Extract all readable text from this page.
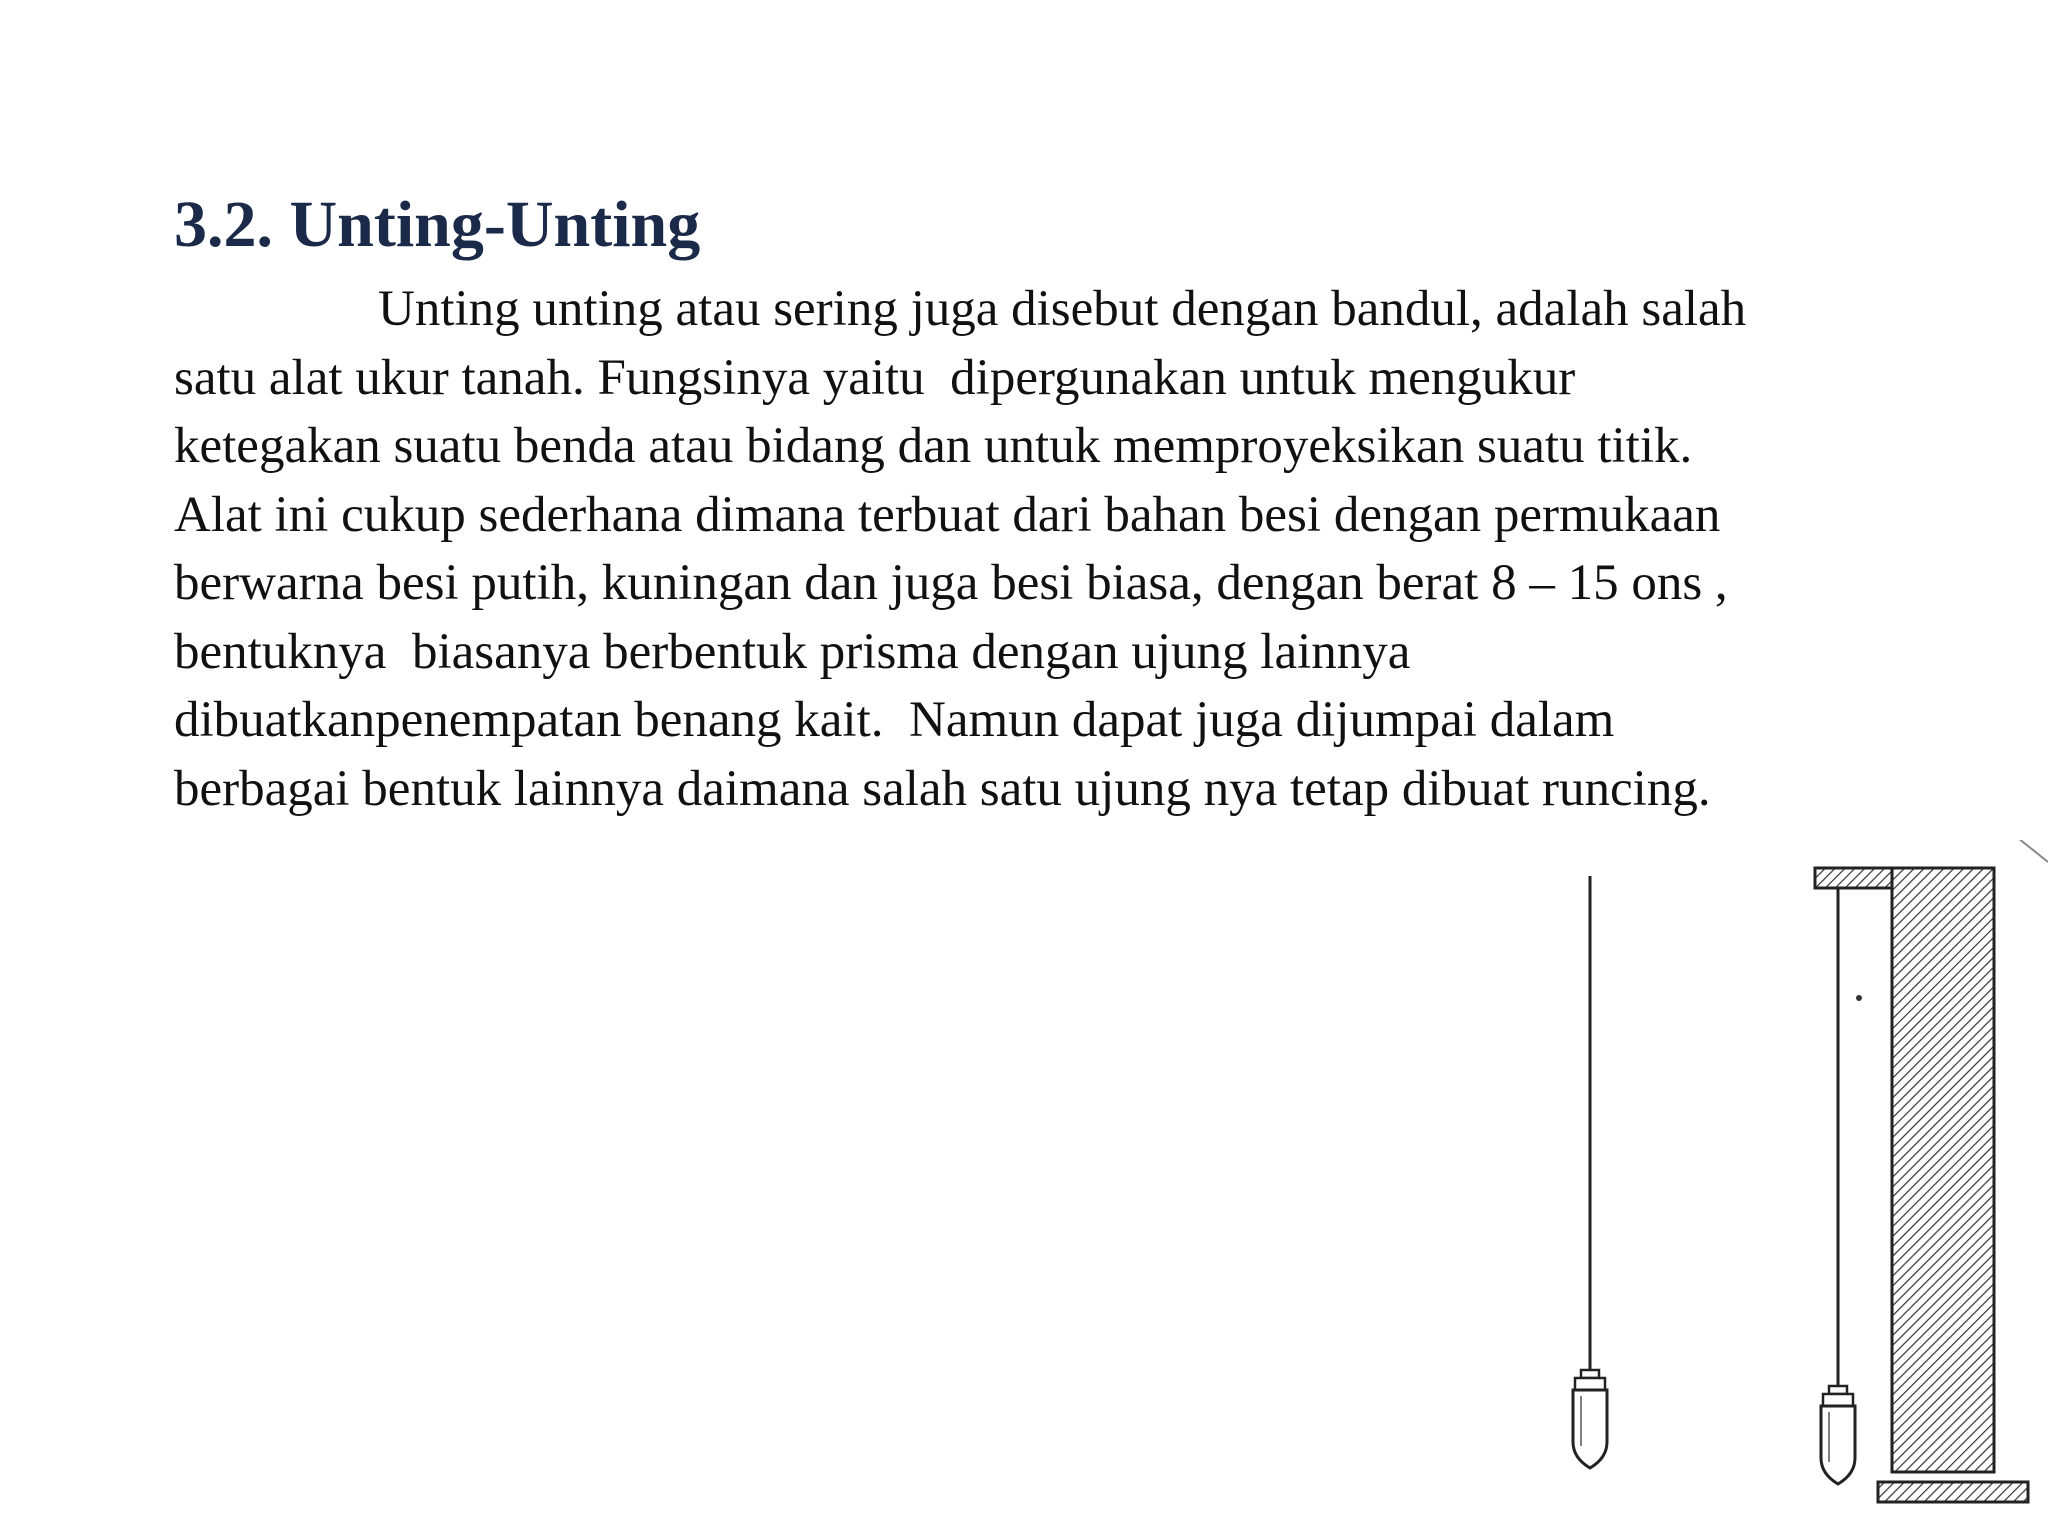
3.2. Unting-Unting
Unting unting atau sering juga disebut dengan bandul, adalah salah
satu alat ukur tanah. Fungsinya yaitu  dipergunakan untuk mengukur
ketegakan suatu benda atau bidang dan untuk memproyeksikan suatu titik.
Alat ini cukup sederhana dimana terbuat dari bahan besi dengan permukaan
berwarna besi putih, kuningan dan juga besi biasa, dengan berat 8 – 15 ons ,
bentuknya  biasanya berbentuk prisma dengan ujung lainnya
dibuatkanpenempatan benang kait.  Namun dapat juga dijumpai dalam
berbagai bentuk lainnya daimana salah satu ujung nya tetap dibuat runcing.
